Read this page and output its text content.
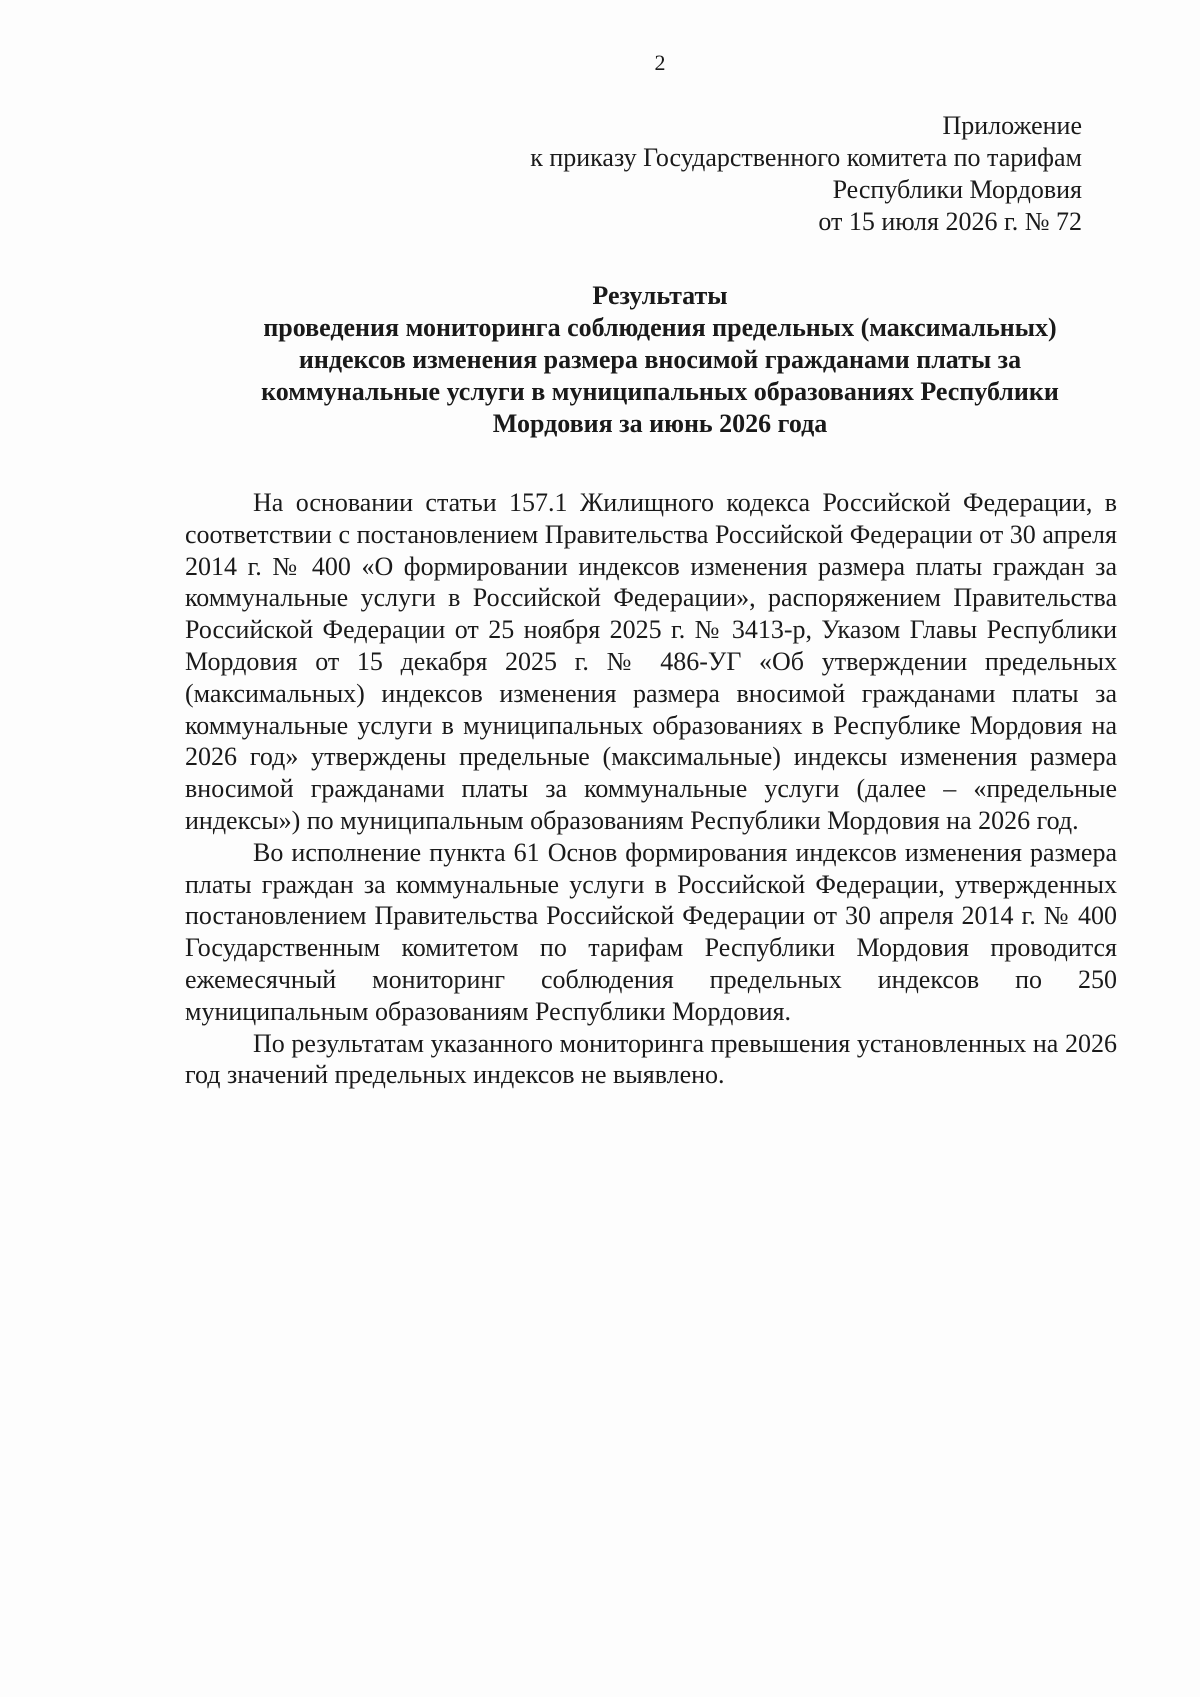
2
Приложение
к приказу Государственного комитета по тарифам
Республики Мордовия
от 15 июля 2026 г. № 72
Результаты
проведения мониторинга соблюдения предельных (максимальных)
индексов изменения размера вносимой гражданами платы за
коммунальные услуги в муниципальных образованиях Республики
Мордовия за июнь 2026 года

На основании статьи 157.1 Жилищного кодекса Российской Федерации, в соответствии с постановлением Правительства Российской Федерации от 30 апреля 2014 г. № 400 «О формировании индексов изменения размера платы граждан за коммунальные услуги в Российской Федерации», распоряжением Правительства Российской Федерации от 25 ноября 2025 г. № 3413-р, Указом Главы Республики Мордовия от 15 декабря 2025 г. № 486-УГ «Об утверждении предельных (максимальных) индексов изменения размера вносимой гражданами платы за коммунальные услуги в муниципальных образованиях в Республике Мордовия на 2026 год» утверждены предельные (максимальные) индексы изменения размера вносимой гражданами платы за коммунальные услуги (далее – «предельные индексы») по муниципальным образованиям Республики Мордовия на 2026 год.

Во исполнение пункта 61 Основ формирования индексов изменения размера платы граждан за коммунальные услуги в Российской Федерации, утвержденных постановлением Правительства Российской Федерации от 30 апреля 2014 г. № 400 Государственным комитетом по тарифам Республики Мордовия проводится ежемесячный мониторинг соблюдения предельных индексов по 250 муниципальным образованиям Республики Мордовия.

По результатам указанного мониторинга превышения установленных на 2026 год значений предельных индексов не выявлено.
